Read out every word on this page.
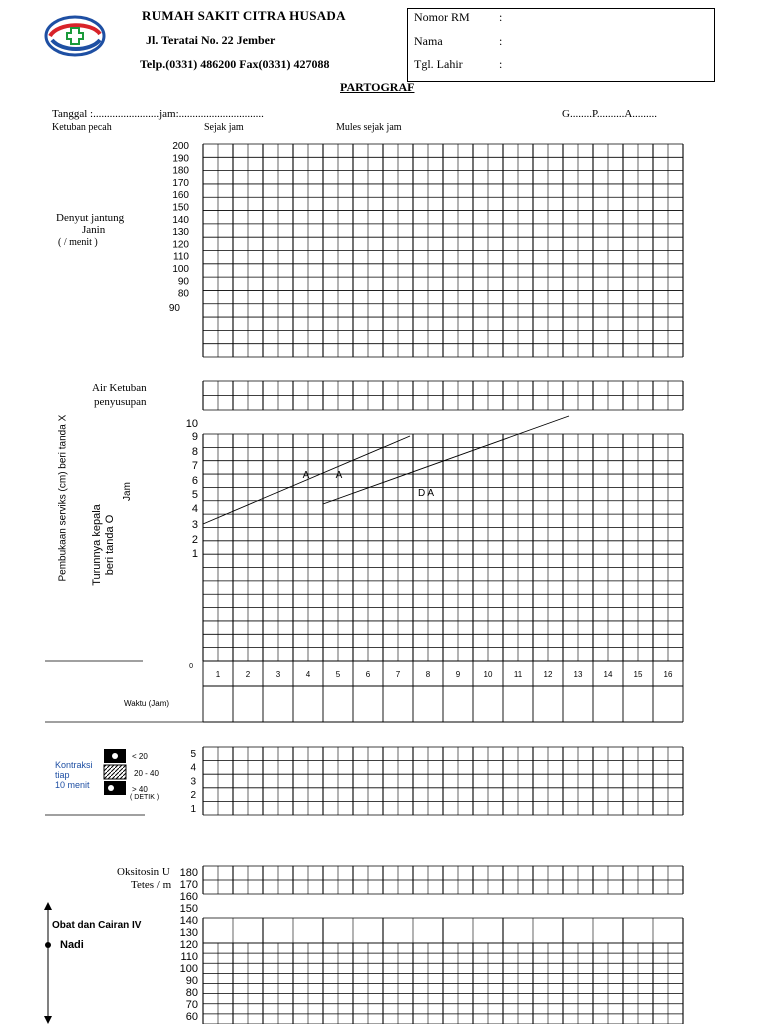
RUMAH SAKIT CITRA HUSADA
Jl. Teratai No. 22 Jember
Telp.(0331) 486200 Fax(0331) 427088
Nomor RM :
Nama	:
Tgl. Lahir	:
PARTOGRAF
Tanggal :........................jam:...............................	G........P..........A.........
Ketuban pecah	Sejak jam	Mules sejak jam
Denyut jantung
Janin
( / menit )
Air Ketuban
penyusupan
Pembukaan serviks (cm) beri tanda X Turunnya kepala beri tanda O
Jam
Waktu (Jam)
Kontraksi
tiap
10 menit
< 20
20 - 40
> 40
( DETIK )
Oksitosin U
Tetes / m
Obat dan Cairan IV
Nadi
200
190
180
170
160
150
140
130
120
110
100
90
80
90
10
9
8
7
6
5
4
3
2
1
0
A	A
D A
1	2	3	4	5	6	7	8	9	10	11	12	13	14	15	16
5
4
3
2
1
180
170
160
150
140
130
120
110
100
90
80
70
60
